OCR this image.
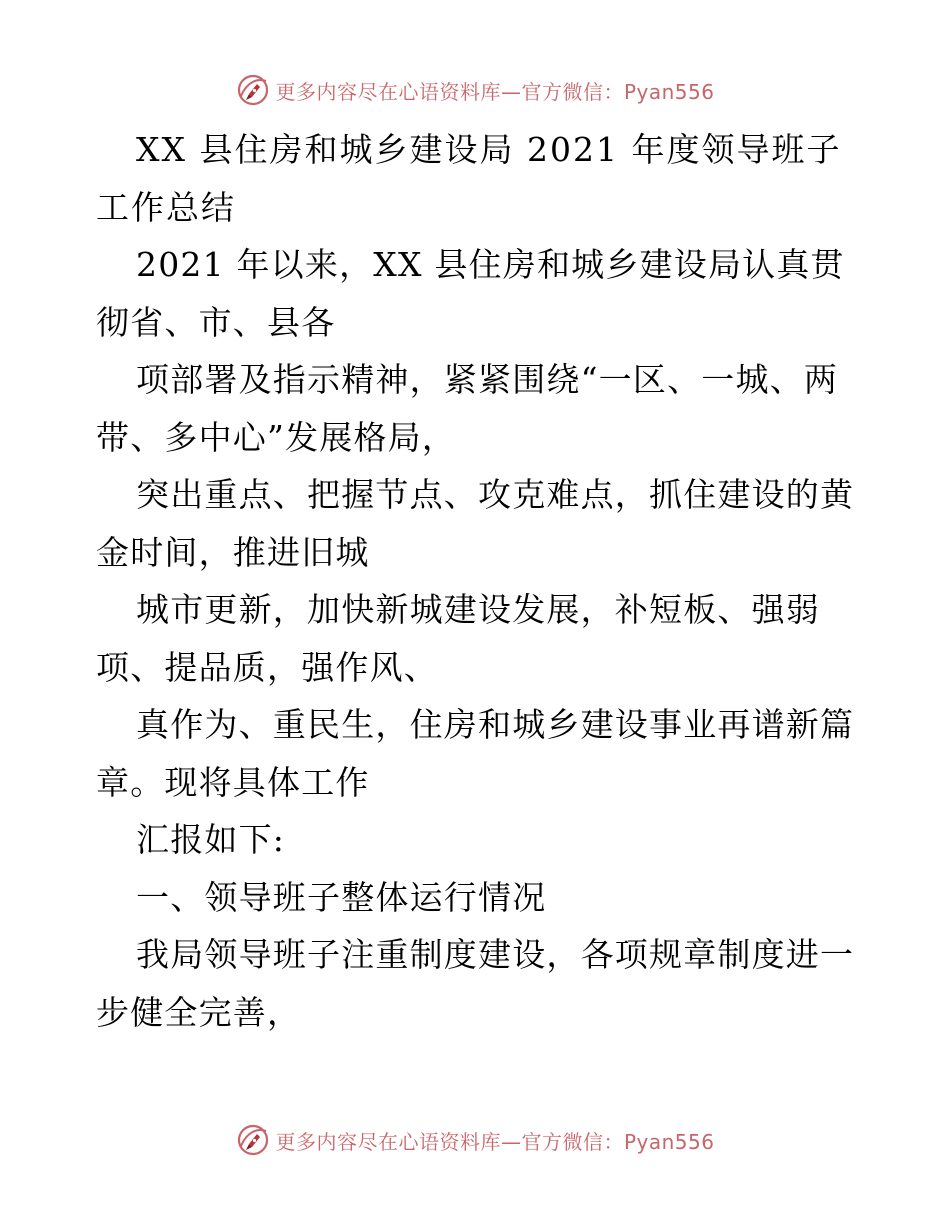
更多内容尽在心语资料库—官方微信：Pyan556

XX 县住房和城乡建设局 2021 年度领导班子工作总结

2021 年以来，XX 县住房和城乡建设局认真贯彻省、市、县各

项部署及指示精神，紧紧围绕“一区、一城、两带、多中心”发展格局，

突出重点、把握节点、攻克难点，抓住建设的黄金时间，推进旧城

城市更新，加快新城建设发展，补短板、强弱项、提品质，强作风、

真作为、重民生，住房和城乡建设事业再谱新篇章。现将具体工作

汇报如下:

一、领导班子整体运行情况

我局领导班子注重制度建设，各项规章制度进一步健全完善，

更多内容尽在心语资料库—官方微信：Pyan556
